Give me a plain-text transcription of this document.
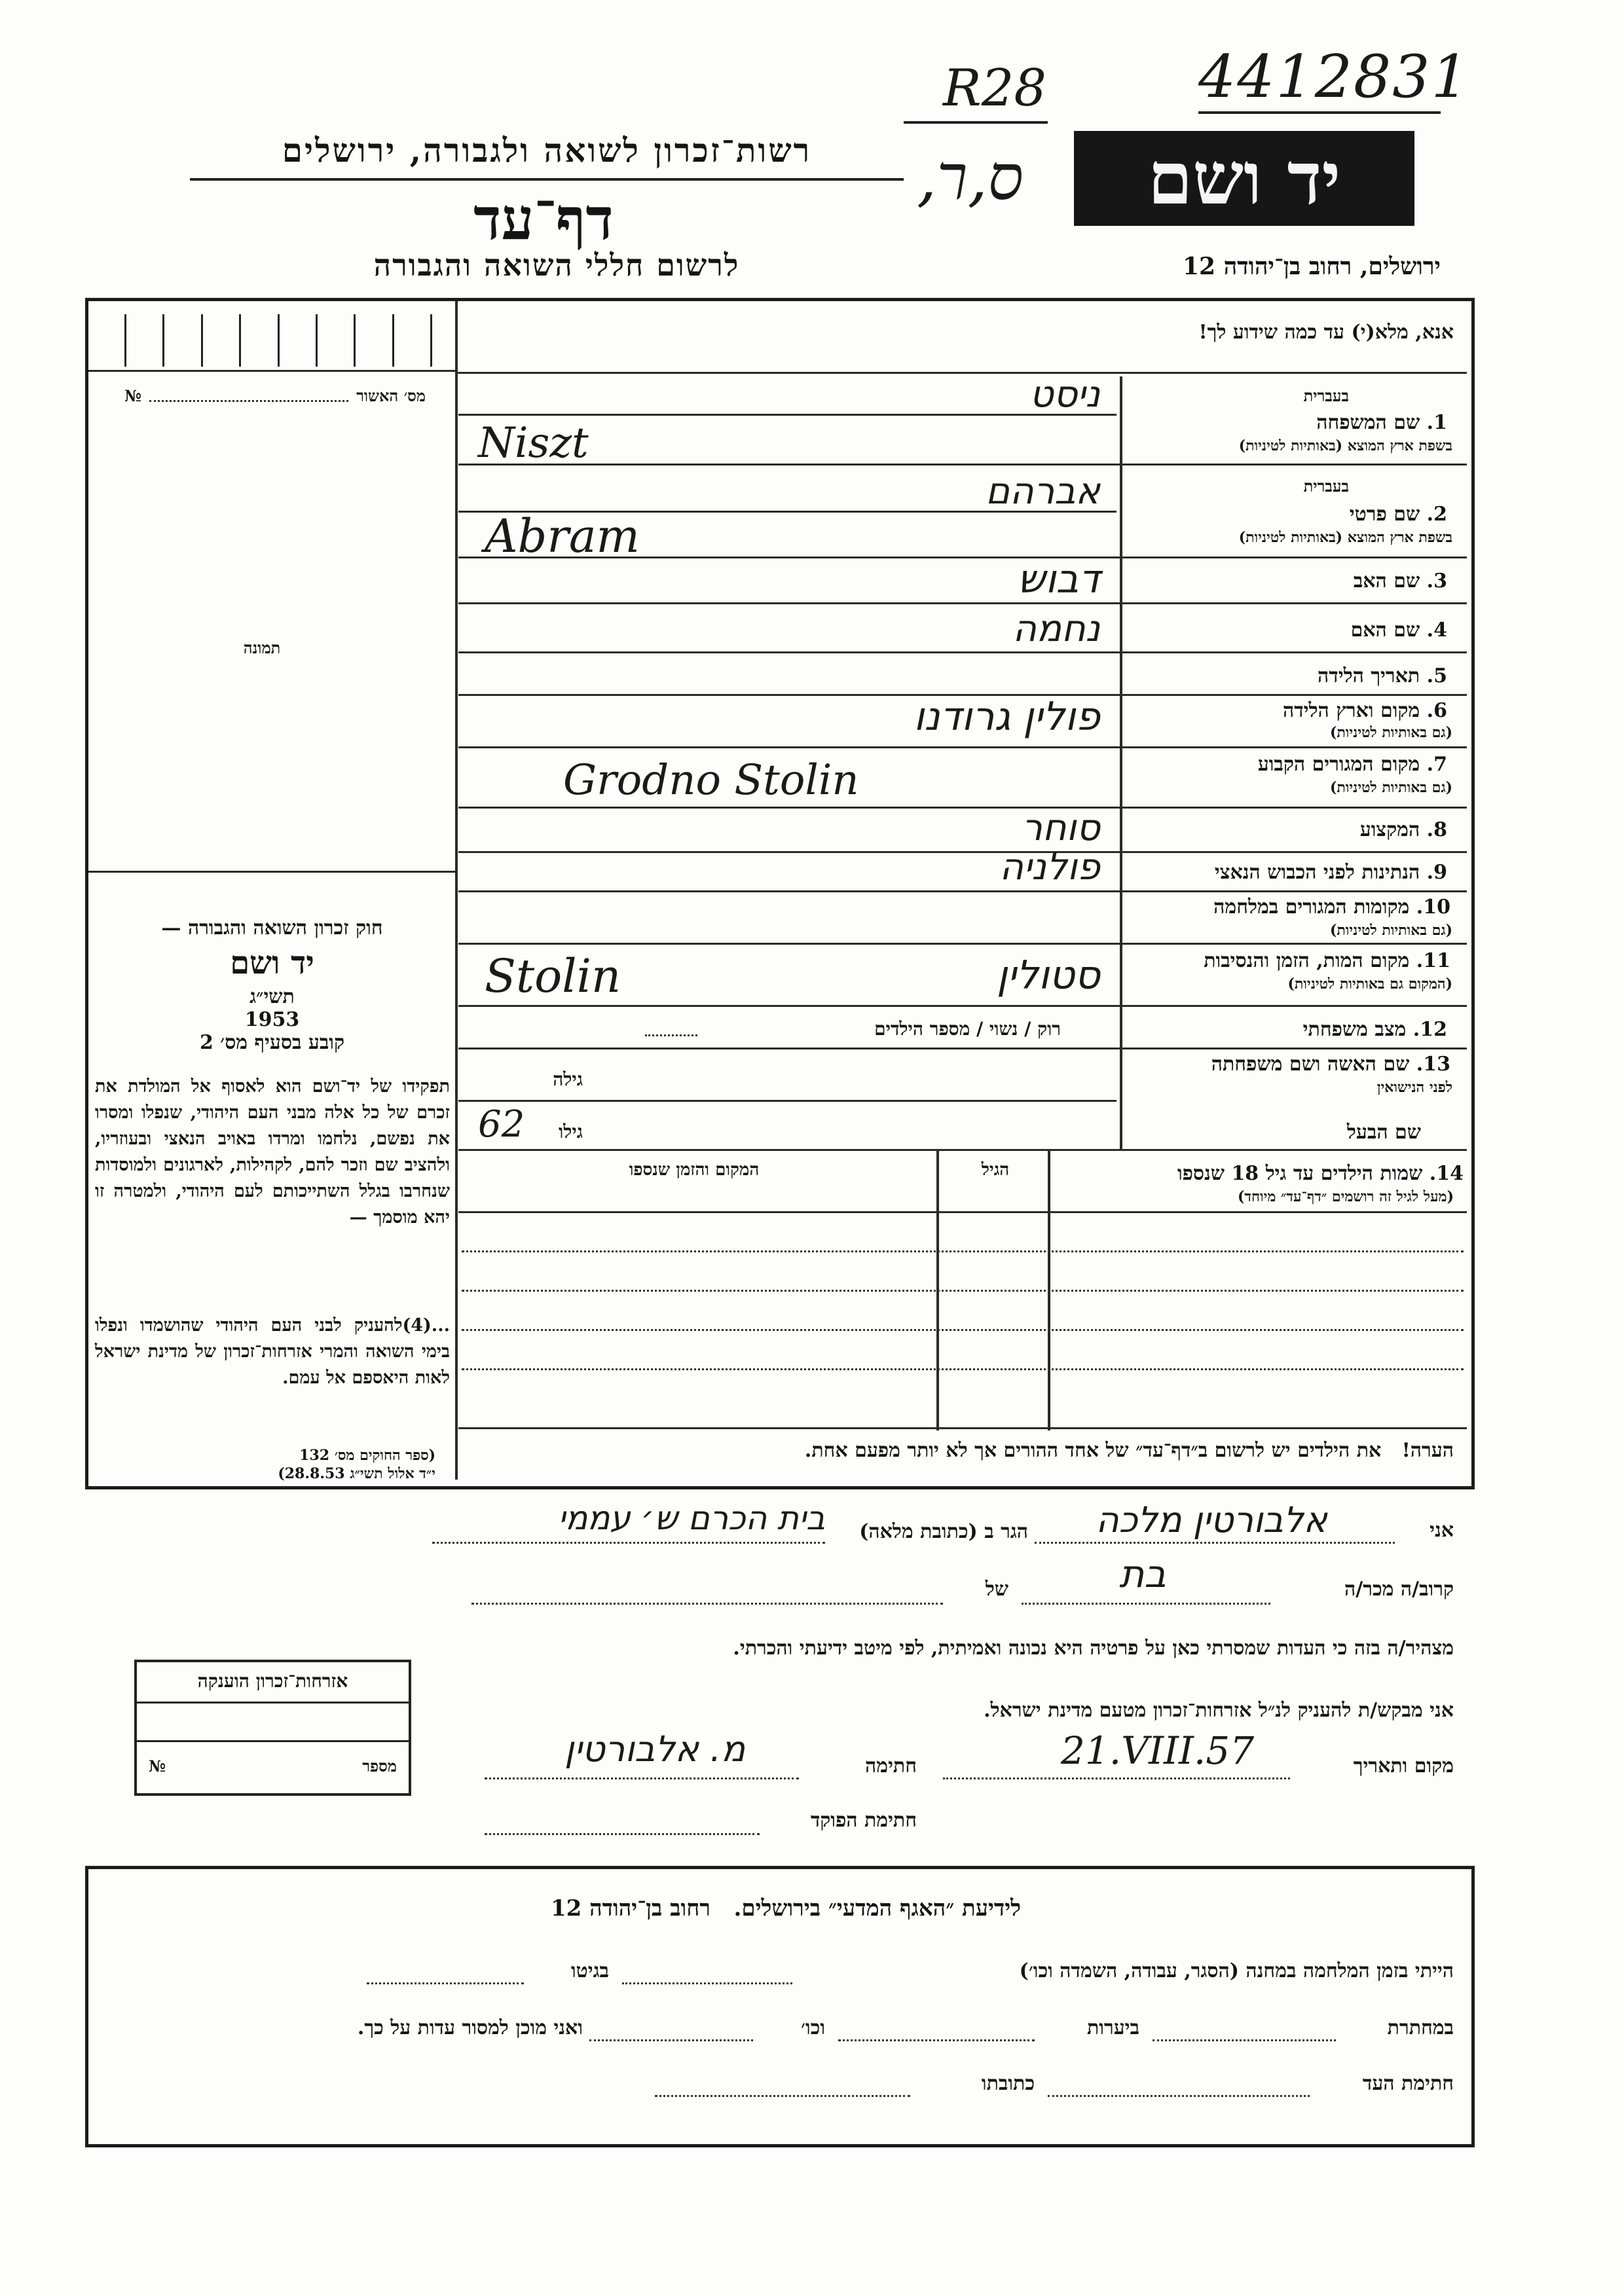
R28	4412831
ס,ר,
רשות־זכרון לשואה ולגבורה, ירושלים
דף־עד
לרשום חללי השואה והגבורה
יד ושם
ירושלים, רחוב בן־יהודה 12
מס׳ האשור
№
תמונה

חוק זכרון השואה והגבורה —

יד ושם

תשי״ג

1953

קובע בסעיף מס׳ 2

תפקידו של יד־ושם הוא לאסוף אל המולדת את זכרם של כל אלה מבני העם היהודי, שנפלו ומסרו את נפשם, נלחמו ומרדו באויב הנאצי ובעוזריו, ולהציב שם וזכר להם, לקהילות, לארגונים ולמוסדות שנחרבו בגלל השתייכותם לעם היהודי, ולמטרה זו יהא מוסמך —
...(4)להעניק לבני העם היהודי שהושמדו ונפלו בימי השואה והמרי אזרחות־זכרון של מדינת ישראל לאות היאספם אל עמם.
(ספר החוקים מס׳ 132
י״ד אלול תשי״ג 28.8.53)
אנא, מלא(י) עד כמה שידוע לך!
בעברית
1. שם המשפחה
בשפת ארץ המוצא (באותיות לטיניות)
ניסט
Niszt
בעברית
2. שם פרטי
בשפת ארץ המוצא (באותיות לטיניות)
אברהם
Abram
3. שם האב
דבוש
4. שם האם
נחמה
5. תאריך הלידה
6. מקום וארץ הלידה
(גם באותיות לטיניות)
פולין גרודנו
7. מקום המגורים הקבוע
(גם באותיות לטיניות)
Grodno Stolin
8. המקצוע
סוחר
9. הנתינות לפני הכבוש הנאצי
פולניה
10. מקומות המגורים במלחמה
(גם באותיות לטיניות)
11. מקום המות, הזמן והנסיבות
(המקום גם באותיות לטיניות)
סטולין
Stolin
12. מצב משפחתי
רוק / נשוי / מספר הילדים
13. שם האשה ושם משפחתה
לפני הנישואין
גילה
שם הבעל
גילו
62
14. שמות הילדים עד גיל 18 שנספו
(מעל לגיל זה רושמים ״דף־עד״ מיוחד)
הגיל
המקום והזמן שנספו
הערה!   את הילדים יש לרשום ב״דף־עד״ של אחד ההורים אך לא יותר מפעם אחת.
אני
אלבורטין מלכה
הגר ב (כתובת מלאה)
בית הכרם ש׳ עממי
קרוב/ה מכר/ה
בת
של
מצהיר/ה בזה כי העדות שמסרתי כאן על פרטיה היא נכונה ואמיתית, לפי מיטב ידיעתי והכרתי.
אני מבקש/ת להעניק לנ״ל אזרחות־זכרון מטעם מדינת ישראל.
מקום ותאריך
21.VIII.57
חתימה
מ. אלבורטין
חתימת הפוקד
אזרחות־זכרון הוענקה
מספר
№
לידיעת ״האגף המדעי״ בירושלים.   רחוב בן־יהודה 12
הייתי בזמן המלחמה במחנה (הסגר, עבודה, השמדה וכו׳)
בגיטו
במחתרת
ביערות
וכו׳
ואני מוכן למסור עדות על כך.
חתימת העד
כתובתו
